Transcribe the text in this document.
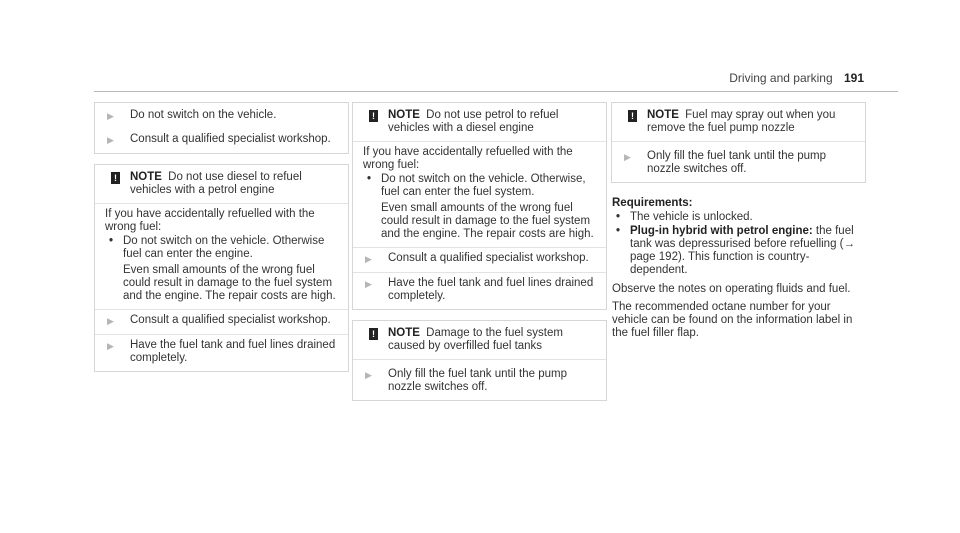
Driving and parking 191
▶	Do not switch on the vehicle.
▶	Consult a qualified specialist workshop.
! NOTE Do not use diesel to refuel vehicles with a petrol engine
If you have accidentally refuelled with the wrong fuel:
• Do not switch on the vehicle. Otherwise fuel can enter the engine.
Even small amounts of the wrong fuel could result in damage to the fuel system and the engine. The repair costs are high.
▶	Consult a qualified specialist workshop.
▶	Have the fuel tank and fuel lines drained completely.
! NOTE Do not use petrol to refuel vehicles with a diesel engine
If you have accidentally refuelled with the wrong fuel:
• Do not switch on the vehicle. Otherwise, fuel can enter the fuel system.
Even small amounts of the wrong fuel could result in damage to the fuel system and the engine. The repair costs are high.
▶	Consult a qualified specialist workshop.
▶	Have the fuel tank and fuel lines drained completely.
! NOTE Damage to the fuel system caused by overfilled fuel tanks
▶	Only fill the fuel tank until the pump nozzle switches off.
! NOTE Fuel may spray out when you remove the fuel pump nozzle
▶	Only fill the fuel tank until the pump nozzle switches off.
Requirements:
• The vehicle is unlocked.
• Plug-in hybrid with petrol engine: the fuel tank was depressurised before refuelling (→ page 192). This function is country-dependent.
Observe the notes on operating fluids and fuel.
The recommended octane number for your vehicle can be found on the information label in the fuel filler flap.
